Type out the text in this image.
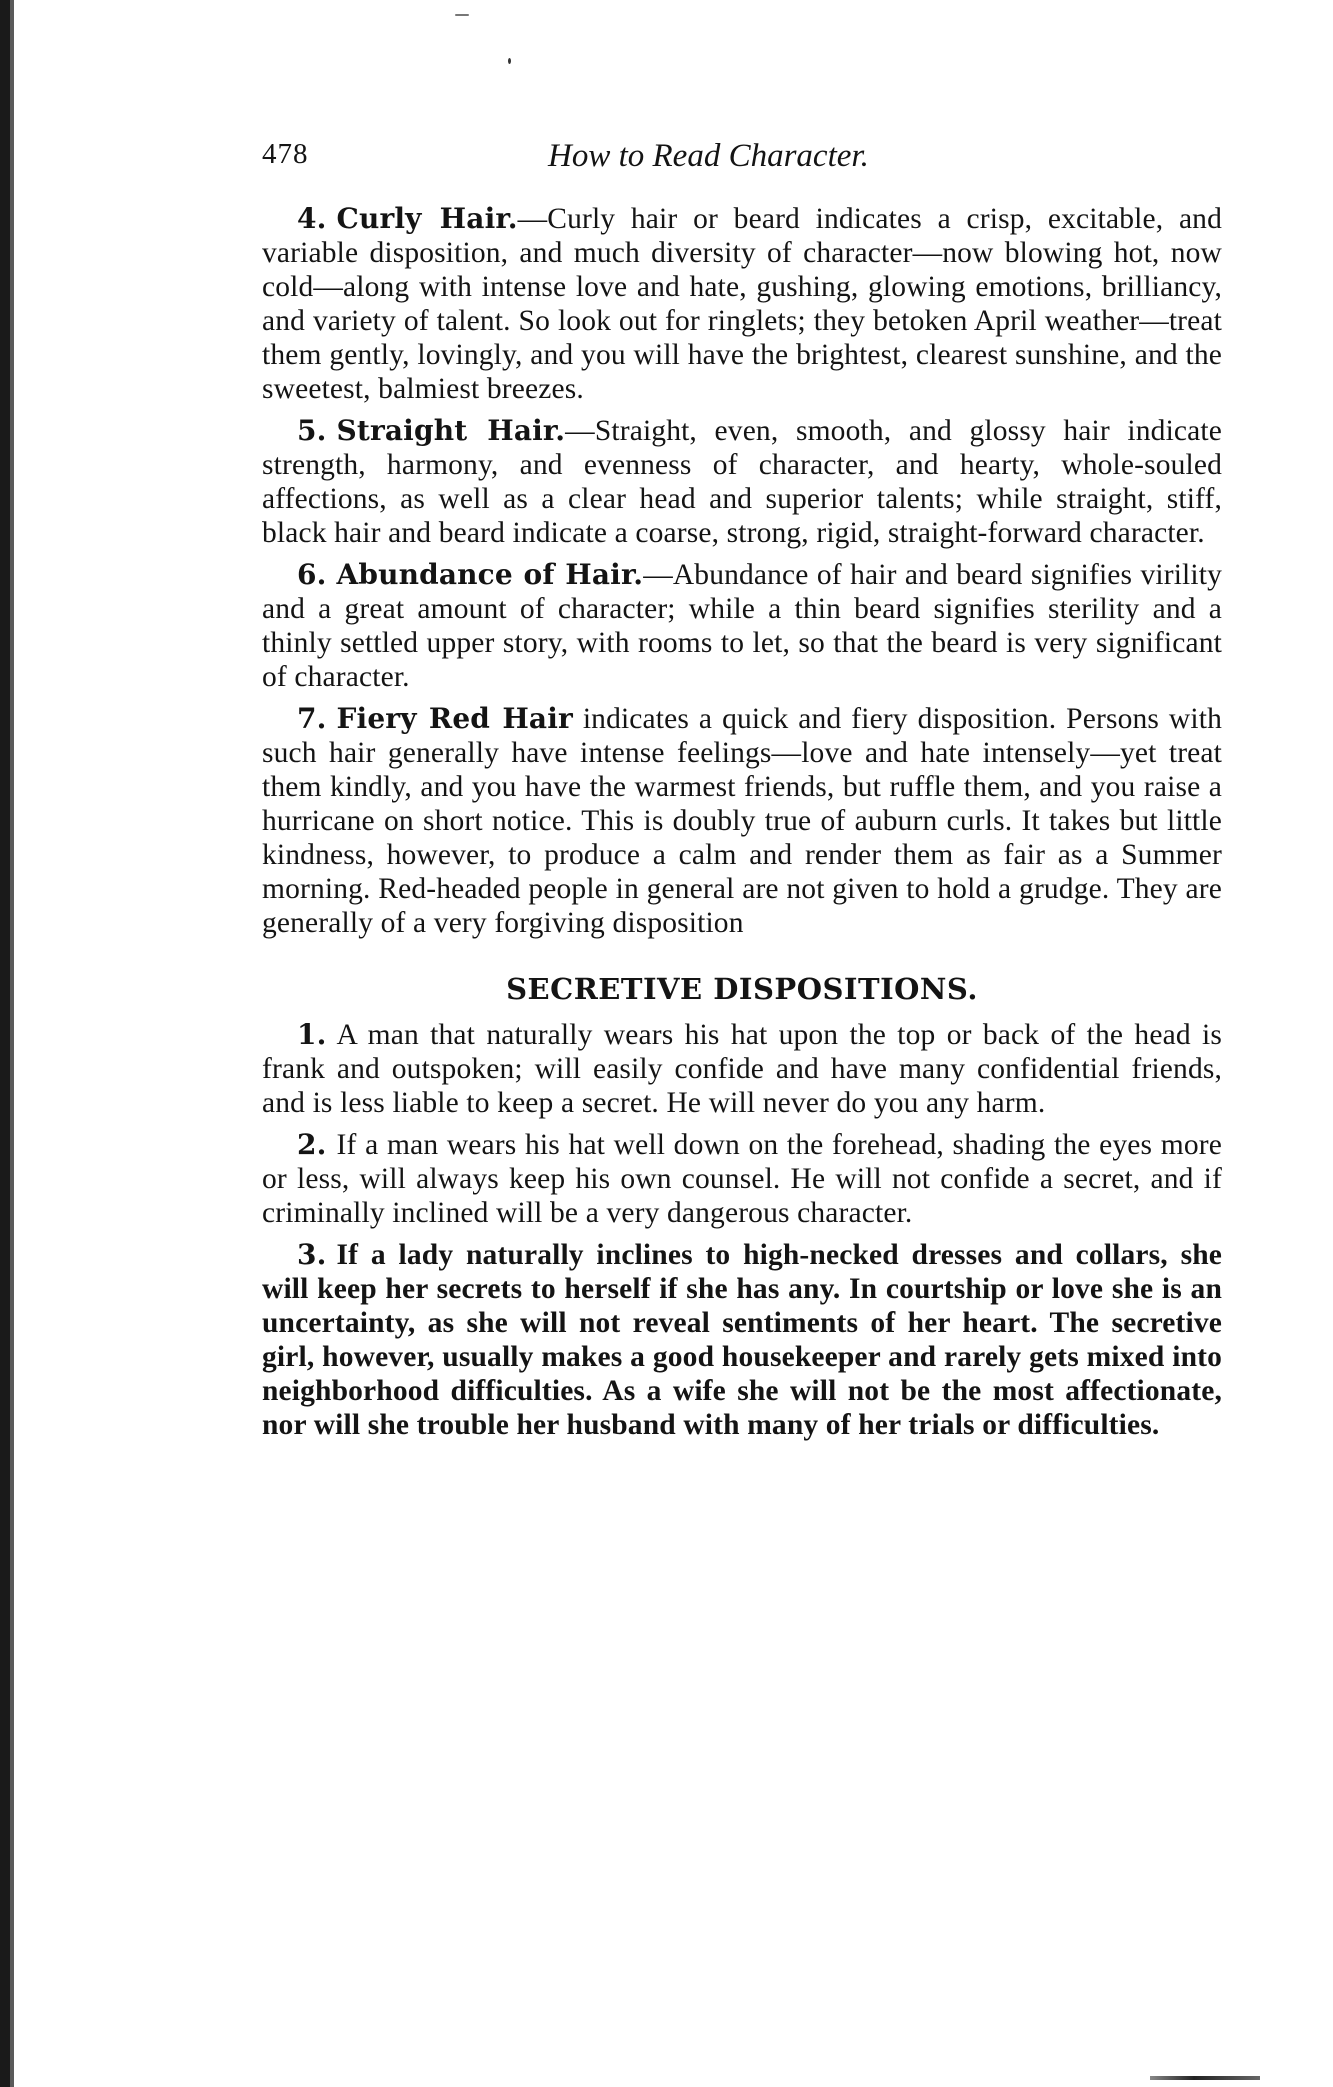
478	How to Read Character.

4. Curly Hair.—Curly hair or beard indicates a crisp, excitable, and variable disposition, and much diversity of character—now blowing hot, now cold—along with intense love and hate, gushing, glowing emotions, brilliancy, and variety of talent. So look out for ringlets; they betoken April weather—treat them gently, lovingly, and you will have the brightest, clearest sunshine, and the sweetest, balmiest breezes.

5. Straight Hair.—Straight, even, smooth, and glossy hair indicate strength, harmony, and evenness of character, and hearty, whole-souled affections, as well as a clear head and superior talents; while straight, stiff, black hair and beard indicate a coarse, strong, rigid, straight-forward character.

6. Abundance of Hair.—Abundance of hair and beard signifies virility and a great amount of character; while a thin beard signifies sterility and a thinly settled upper story, with rooms to let, so that the beard is very significant of character.

7. Fiery Red Hair indicates a quick and fiery disposition. Persons with such hair generally have intense feelings—love and hate intensely—yet treat them kindly, and you have the warmest friends, but ruffle them, and you raise a hurricane on short notice. This is doubly true of auburn curls. It takes but little kindness, however, to produce a calm and render them as fair as a Summer morning. Red-headed people in general are not given to hold a grudge. They are generally of a very forgiving disposition

SECRETIVE DISPOSITIONS.

1. A man that naturally wears his hat upon the top or back of the head is frank and outspoken; will easily confide and have many confidential friends, and is less liable to keep a secret. He will never do you any harm.

2. If a man wears his hat well down on the forehead, shading the eyes more or less, will always keep his own counsel. He will not confide a secret, and if criminally inclined will be a very dangerous character.

3. If a lady naturally inclines to high-necked dresses and collars, she will keep her secrets to herself if she has any. In courtship or love she is an uncertainty, as she will not reveal sentiments of her heart. The secretive girl, however, usually makes a good housekeeper and rarely gets mixed into neighborhood difficulties. As a wife she will not be the most affectionate, nor will she trouble her husband with many of her trials or difficulties.
